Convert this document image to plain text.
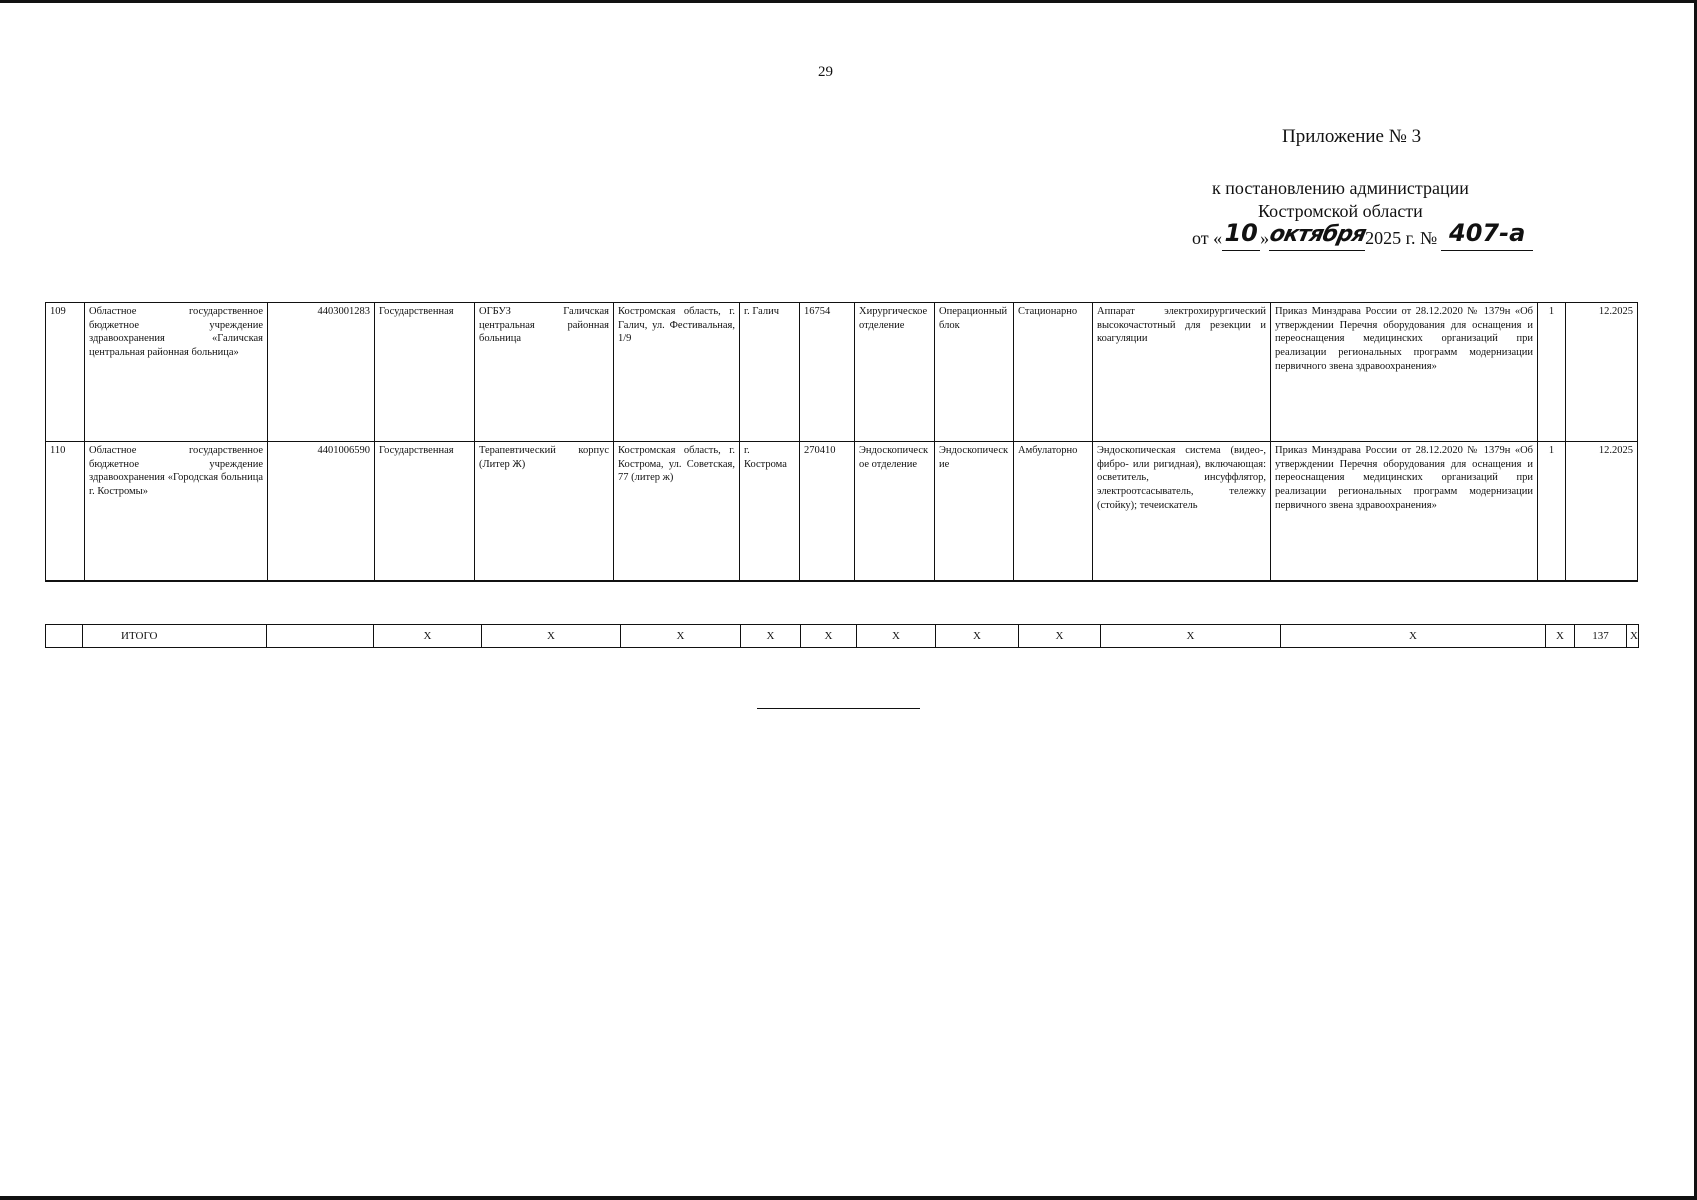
29
Приложение № 3
к постановлению администрации
Костромской области
от «10 »октября2025 г. № 407-а
109	Областное государственное бюджетное учреждение здравоохранения «Галичская центральная районная больница»	4403001283	Государственная	ОГБУЗ Галичская центральная районная больница	Костромская область, г. Галич, ул. Фестивальная, 1/9	г. Галич	16754	Хирургическое отделение	Операционный блок	Стационарно	Аппарат электрохирургический высокочастотный для резекции и коагуляции	Приказ Минздрава России от 28.12.2020 № 1379н «Об утверждении Перечня оборудования для оснащения и переоснащения медицинских организаций при реализации региональных программ модернизации первичного звена здравоохранения»	1	12.2025
110	Областное государственное бюджетное учреждение здравоохранения «Городская больница г. Костромы»	4401006590	Государственная	Терапевтический корпус (Литер Ж)	Костромская область, г. Кострома, ул. Советская, 77 (литер ж)	г. Кострома	270410	Эндоскопическое отделение	Эндоскопические	Амбулаторно	Эндоскопическая система (видео-, фибро- или ригидная), включающая: осветитель, инсуффлятор, электроотсасыватель, тележку (стойку); течеискатель	Приказ Минздрава России от 28.12.2020 № 1379н «Об утверждении Перечня оборудования для оснащения и переоснащения медицинских организаций при реализации региональных программ модернизации первичного звена здравоохранения»	1	12.2025
	ИТОГО		X	X	X	X	X	X	X	X	X	X	X	137	X
